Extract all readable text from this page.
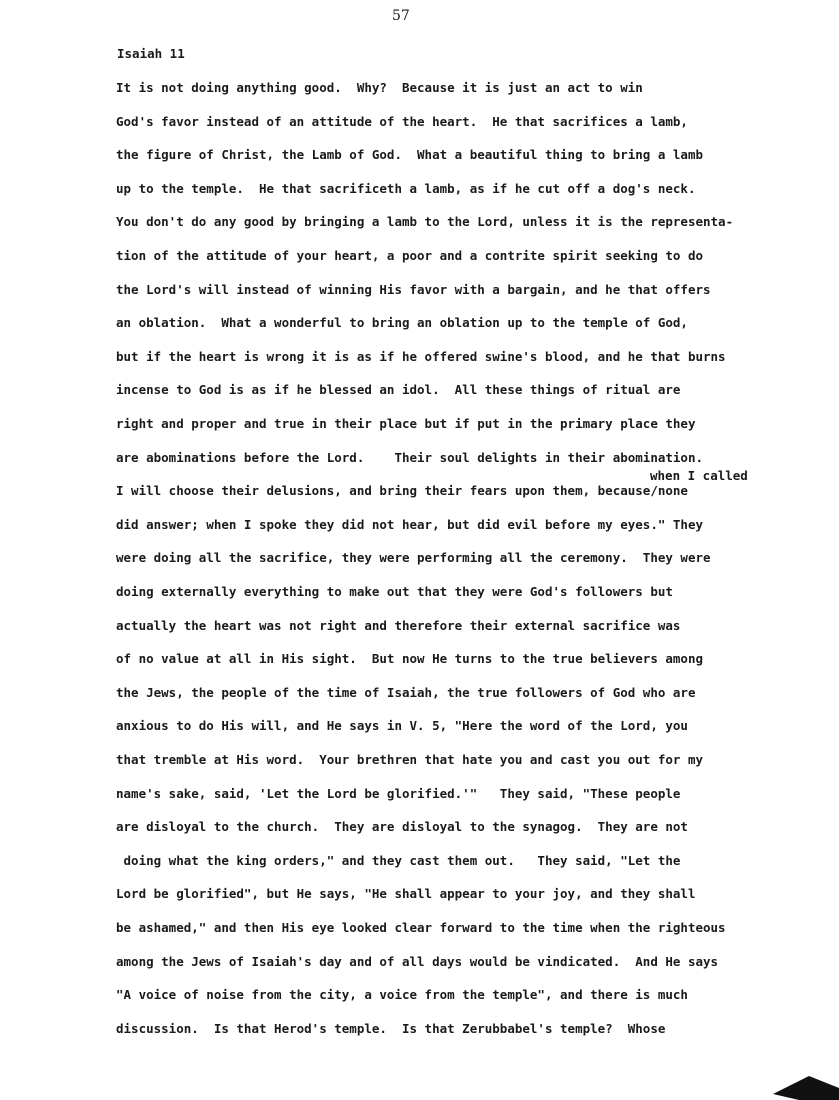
57
Isaiah 11
when I called
It is not doing anything good.  Why?  Because it is just an act to win
God's favor instead of an attitude of the heart.  He that sacrifices a lamb,
the figure of Christ, the Lamb of God.  What a beautiful thing to bring a lamb
up to the temple.  He that sacrificeth a lamb, as if he cut off a dog's neck.
You don't do any good by bringing a lamb to the Lord, unless it is the representa-
tion of the attitude of your heart, a poor and a contrite spirit seeking to do
the Lord's will instead of winning His favor with a bargain, and he that offers
an oblation.  What a wonderful to bring an oblation up to the temple of God,
but if the heart is wrong it is as if he offered swine's blood, and he that burns
incense to God is as if he blessed an idol.  All these things of ritual are
right and proper and true in their place but if put in the primary place they
are abominations before the Lord.    Their soul delights in their abomination.
I will choose their delusions, and bring their fears upon them, because/none
did answer; when I spoke they did not hear, but did evil before my eyes." They
were doing all the sacrifice, they were performing all the ceremony.  They were
doing externally everything to make out that they were God's followers but
actually the heart was not right and therefore their external sacrifice was
of no value at all in His sight.  But now He turns to the true believers among
the Jews, the people of the time of Isaiah, the true followers of God who are
anxious to do His will, and He says in V. 5, "Here the word of the Lord, you
that tremble at His word.  Your brethren that hate you and cast you out for my
name's sake, said, 'Let the Lord be glorified.'"   They said, "These people
are disloyal to the church.  They are disloyal to the synagog.  They are not
doing what the king orders," and they cast them out.   They said, "Let the
Lord be glorified", but He says, "He shall appear to your joy, and they shall
be ashamed," and then His eye looked clear forward to the time when the righteous
among the Jews of Isaiah's day and of all days would be vindicated.  And He says
"A voice of noise from the city, a voice from the temple", and there is much
discussion.  Is that Herod's temple.  Is that Zerubbabel's temple?  Whose
